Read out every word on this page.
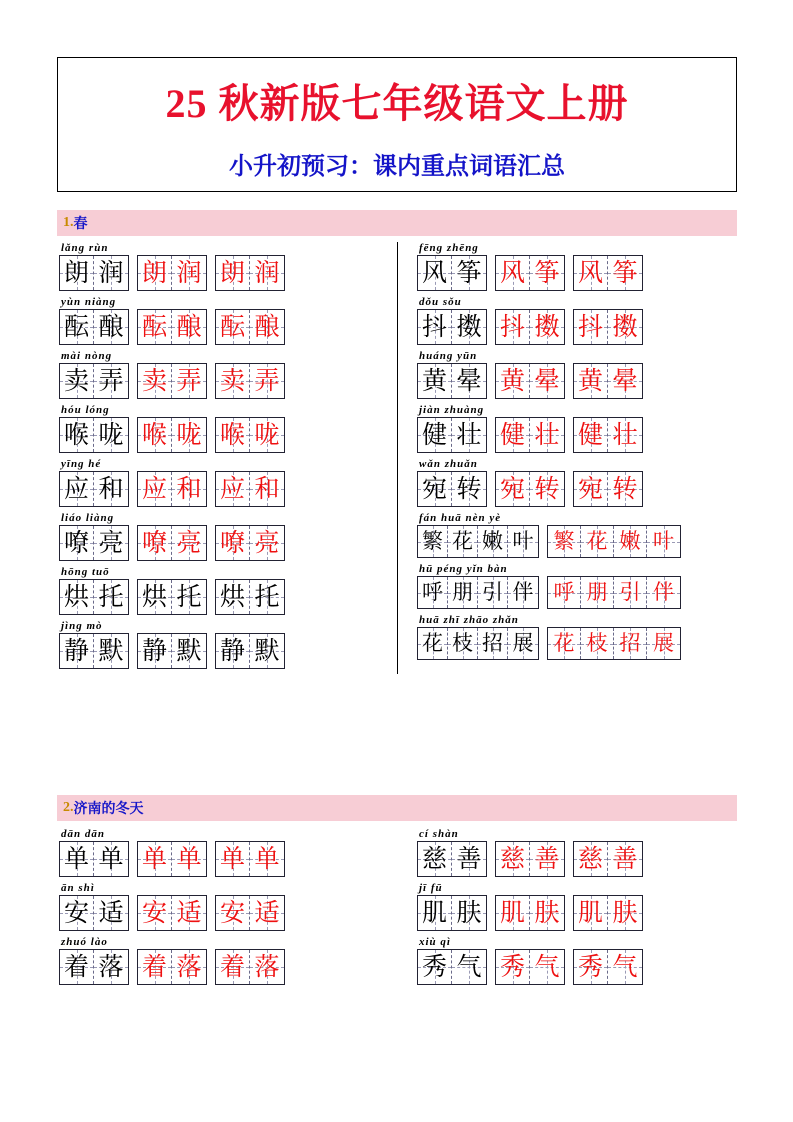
25 秋新版七年级语文上册
小升初预习：课内重点词语汇总
1. 春
lǎng rùn
朗 润 朗 润 朗 润
yùn niàng
酝 酿 酝 酿 酝 酿
mài nòng
卖 弄 卖 弄 卖 弄
hóu lóng
喉 咙 喉 咙 喉 咙
yīng hé
应 和 应 和 应 和
liáo liàng
嘹 亮 嘹 亮 嘹 亮
hōng tuō
烘 托 烘 托 烘 托
jìng mò
静 默 静 默 静 默
fēng zhēng
风 筝 风 筝 风 筝
dǒu sǒu
抖 擞 抖 擞 抖 擞
huáng yūn
黄 晕 黄 晕 黄 晕
jiàn zhuàng
健 壮 健 壮 健 壮
wǎn zhuǎn
宛 转 宛 转 宛 转
fán huā nèn yè
繁 花 嫩 叶 繁 花 嫩 叶
hū péng yǐn bàn
呼 朋 引 伴 呼 朋 引 伴
huā zhī zhāo zhǎn
花 枝 招 展 花 枝 招 展
2. 济南的冬天
dān dān
单 单 单 单 单 单
ān shì
安 适 安 适 安 适
zhuó lào
着 落 着 落 着 落
cí shàn
慈 善 慈 善 慈 善
jī fū
肌 肤 肌 肤 肌 肤
xiù qì
秀 气 秀 气 秀 气
